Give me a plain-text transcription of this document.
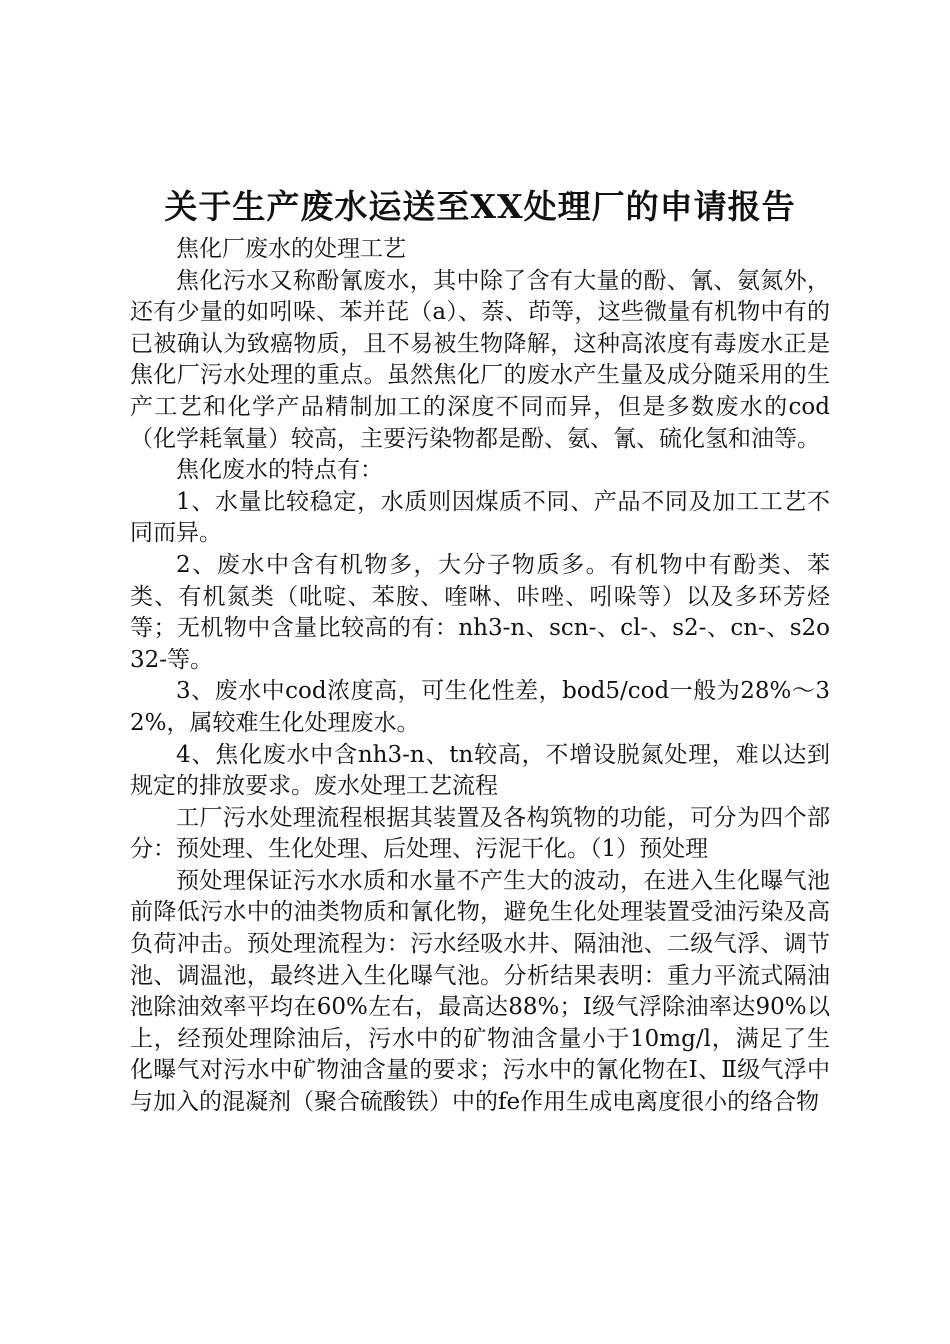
关于生产废水运送至XX处理厂的申请报告

焦化厂废水的处理工艺

焦化污水又称酚氰废水，其中除了含有大量的酚、氰、氨氮外，还有少量的如吲哚、苯并芘（a）、萘、茚等，这些微量有机物中有的已被确认为致癌物质，且不易被生物降解，这种高浓度有毒废水正是焦化厂污水处理的重点。虽然焦化厂的废水产生量及成分随采用的生产工艺和化学产品精制加工的深度不同而异，但是多数废水的cod（化学耗氧量）较高，主要污染物都是酚、氨、氰、硫化氢和油等。

焦化废水的特点有：

1、水量比较稳定，水质则因煤质不同、产品不同及加工工艺不同而异。

2、废水中含有机物多，大分子物质多。有机物中有酚类、苯类、有机氮类（吡啶、苯胺、喹啉、咔唑、吲哚等）以及多环芳烃等；无机物中含量比较高的有：nh3-n、scn-、cl-、s2-、cn-、s2o32-等。

3、废水中cod浓度高，可生化性差，bod5/cod一般为28%～32%，属较难生化处理废水。

4、焦化废水中含nh3-n、tn较高，不增设脱氮处理，难以达到规定的排放要求。废水处理工艺流程

工厂污水处理流程根据其装置及各构筑物的功能，可分为四个部分：预处理、生化处理、后处理、污泥干化。（1）预处理

预处理保证污水水质和水量不产生大的波动，在进入生化曝气池前降低污水中的油类物质和氰化物，避免生化处理装置受油污染及高负荷冲击。预处理流程为：污水经吸水井、隔油池、二级气浮、调节池、调温池，最终进入生化曝气池。分析结果表明：重力平流式隔油池除油效率平均在60%左右，最高达88%；Ⅰ级气浮除油率达90%以上，经预处理除油后，污水中的矿物油含量小于10mg/l，满足了生化曝气对污水中矿物油含量的要求；污水中的氰化物在Ⅰ、Ⅱ级气浮中与加入的混凝剂（聚合硫酸铁）中的fe作用生成电离度很小的络合物
